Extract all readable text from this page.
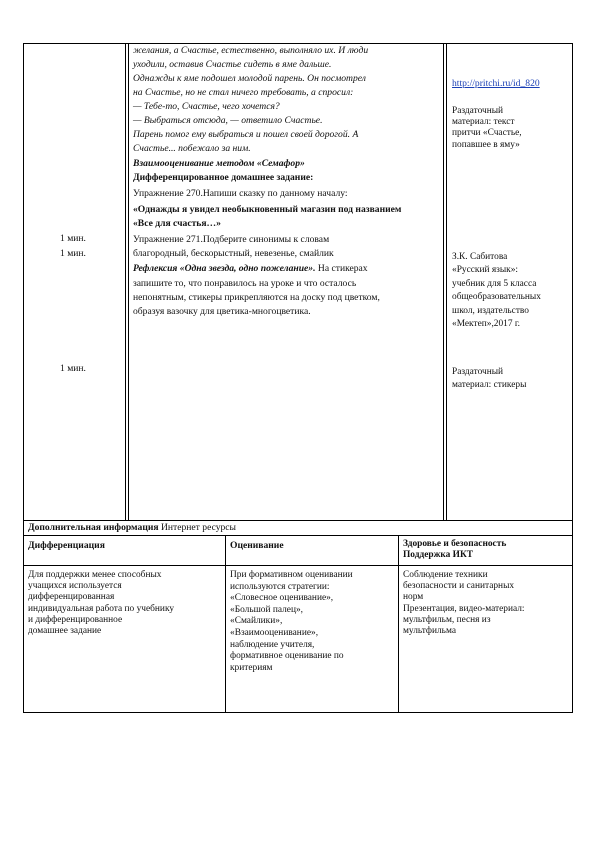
1 мин.
1 мин.
1 мин.
желания, а Счастье, естественно, выполняло их. И люди
уходили, оставив Счастье сидеть в яме дальше.
Однажды к яме подошел молодой парень. Он посмотрел
на Счастье, но не стал ничего требовать, а спросил:
— Тебе-то, Счастье, чего хочется?
— Выбраться отсюда, — ответило Счастье.
Парень помог ему выбраться и пошел своей дорогой. А
Счастье... побежало за ним.
Взаимооценивание методом «Семафор»
Дифференцированное домашнее задание:
Упражнение 270.Напиши сказку по данному началу:
«Однажды я увидел необыкновенный магазин под названием
«Все для счастья…»
Упражнение 271.Подберите синонимы к словам
благородный, бескорыстный, невезенье, смайлик
Рефлексия «Одна звезда, одно пожелание». На стикерах
запишите то, что понравилось на уроке и что осталось
непонятным, стикеры прикрепляются на доску под цветком,
образуя вазочку для цветика-многоцветика.
http://pritchi.ru/id_820
Раздаточный
материал: текст
притчи «Счастье,
попавшее в яму»
З.К. Сабитова
«Русский язык»:
учебник для 5 класса
общеобразовательных
школ, издательство
«Мектеп»,2017 г.
Раздаточный
материал: стикеры
Дополнительная информация Интернет ресурсы
Дифференциация	Оценивание	Здоровье и безопасность
Поддержка ИКТ
Для поддержки менее способных
учащихся используется
дифференцированная
индивидуальная работа по учебнику
и дифференцированное
домашнее задание
При формативном оценивании
используются стратегии:
«Словесное оценивание»,
«Большой палец»,
«Смайлики»,
«Взаимооценивание»,
наблюдение учителя,
формативное оценивание по
критериям
Соблюдение техники
безопасности и санитарных
норм
Презентация, видео-материал:
мультфильм, песня из
мультфильма
